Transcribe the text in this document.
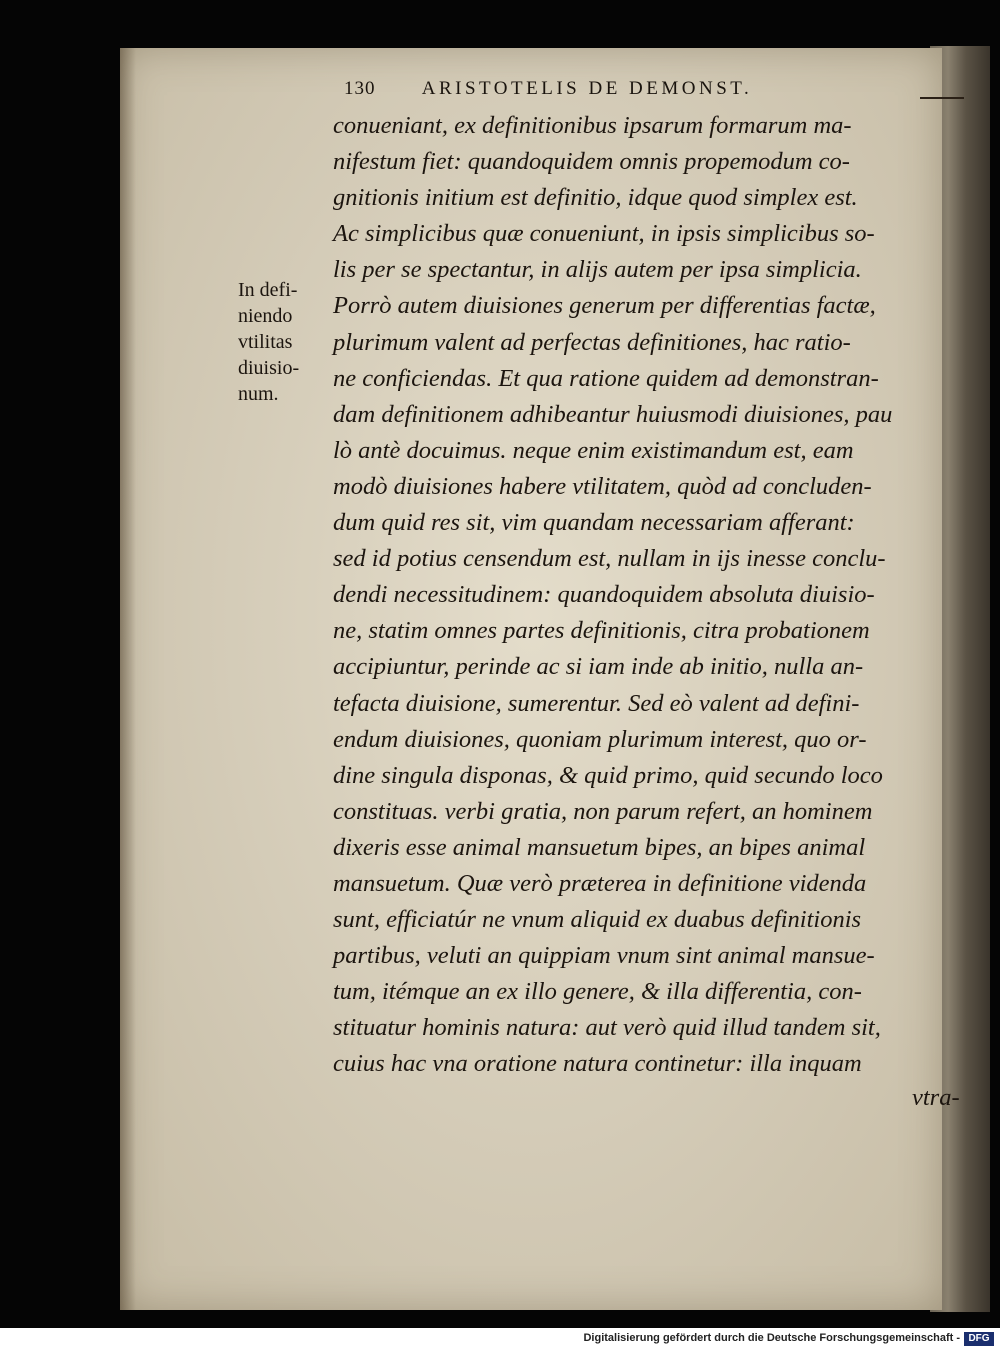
130 ARISTOTELIS DE DEMONST.
In defi-
niendo
vtilitas
diuisio-
num.
conueniant, ex definitionibus ipsarum formarum ma-
nifestum fiet: quandoquidem omnis propemodum co-
gnitionis initium est definitio, idque quod simplex est.
Ac simplicibus quæ conueniunt, in ipsis simplicibus so-
lis per se spectantur, in alijs autem per ipsa simplicia.
Porrò autem diuisiones generum per differentias factæ,
plurimum valent ad perfectas definitiones, hac ratio-
ne conficiendas. Et qua ratione quidem ad demonstran-
dam definitionem adhibeantur huiusmodi diuisiones, pau
lò antè docuimus. neque enim existimandum est, eam
modò diuisiones habere vtilitatem, quòd ad concluden-
dum quid res sit, vim quandam necessariam afferant:
sed id potius censendum est, nullam in ijs inesse conclu-
dendi necessitudinem: quandoquidem absoluta diuisio-
ne, statim omnes partes definitionis, citra probationem
accipiuntur, perinde ac si iam inde ab initio, nulla an-
tefacta diuisione, sumerentur. Sed eò valent ad defini-
endum diuisiones, quoniam plurimum interest, quo or-
dine singula disponas, & quid primo, quid secundo loco
constituas. verbi gratia, non parum refert, an hominem
dixeris esse animal mansuetum bipes, an bipes animal
mansuetum. Quæ verò præterea in definitione videnda
sunt, efficiatúr ne vnum aliquid ex duabus definitionis
partibus, veluti an quippiam vnum sint animal mansue-
tum, itémque an ex illo genere, & illa differentia, con-
stituatur hominis natura: aut verò quid illud tandem sit,
cuius hac vna oratione natura continetur: illa inquam
vtra-
Digitalisierung gefördert durch die Deutsche Forschungsgemeinschaft - DFG
